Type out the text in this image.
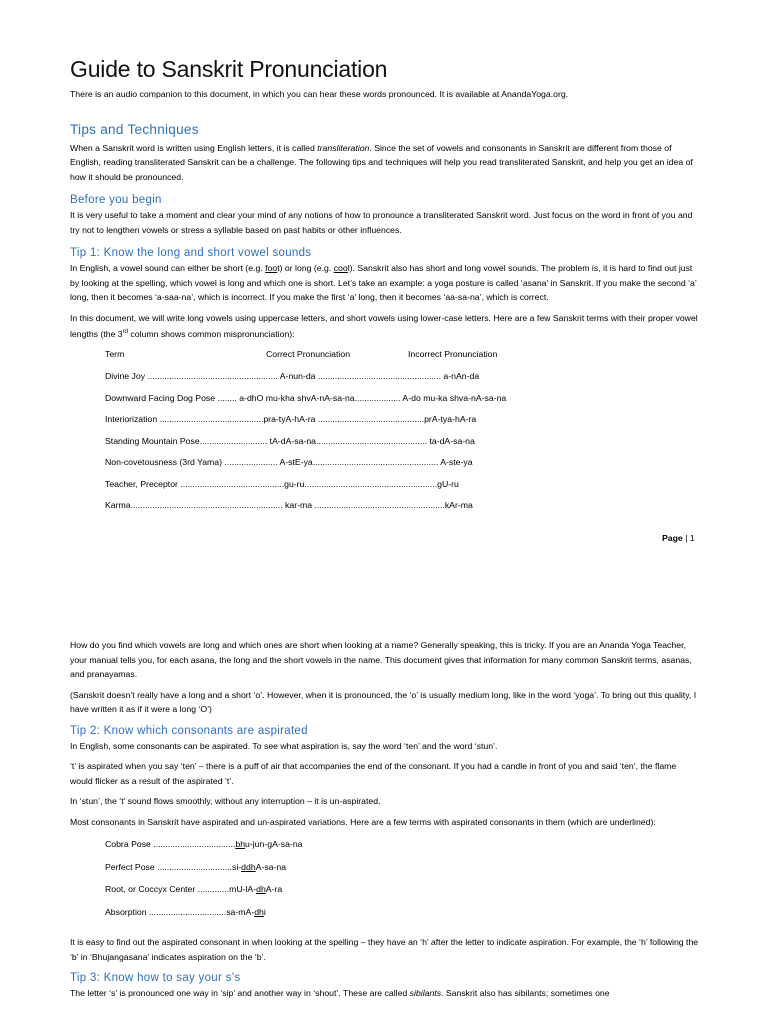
Guide to Sanskrit Pronunciation

There is an audio companion to this document, in which you can hear these words pronounced. It is available at AnandaYoga.org.

Tips and Techniques

When a Sanskrit word is written using English letters, it is called transliteration. Since the set of vowels and consonants in Sanskrit are different from those of English, reading transliterated Sanskrit can be a challenge. The following tips and techniques will help you read transliterated Sanskrit, and help you get an idea of how it should be pronounced.

Before you begin

It is very useful to take a moment and clear your mind of any notions of how to pronounce a transliterated Sanskrit word. Just focus on the word in front of you and try not to lengthen vowels or stress a syllable based on past habits or other influences.

Tip 1: Know the long and short vowel sounds

In English, a vowel sound can either be short (e.g. foot) or long (e.g. cool). Sanskrit also has short and long vowel sounds. The problem is, it is hard to find out just by looking at the spelling, which vowel is long and which one is short. Let’s take an example: a yoga posture is called ‘asana’ in Sanskrit. If you make the second ‘a’ long, then it becomes ‘a-saa-na’, which is incorrect. If you make the first ‘a’ long, then it becomes ‘aa-sa-na’, which is correct.

In this document, we will write long vowels using uppercase letters, and short vowels using lower-case letters. Here are a few Sanskrit terms with their proper vowel lengths (the 3rd column shows common mispronunciation):

Term	Correct Pronunciation	Incorrect Pronunciation
Divine Joy ...................................................... A-nun-da ................................................... a-nAn-da
Downward Facing Dog Pose ........ a-dhO mu-kha shvA-nA-sa-na................... A-do mu-ka shva-nA-sa-na
Interiorization ...........................................pra-tyA-hA-ra ............................................prA-tya-hA-ra
Standing Mountain Pose............................ tA-dA-sa-na.............................................. ta-dA-sa-na
Non-covetousness (3rd Yama) ...................... A-stE-ya.................................................... A-ste-ya
Teacher, Preceptor ...........................................gu-ru.......................................................gU-ru
Karma............................................................... kar-ma ......................................................kAr-ma
Page | 1

How do you find which vowels are long and which ones are short when looking at a name? Generally speaking, this is tricky. If you are an Ananda Yoga Teacher, your manual tells you, for each asana, the long and the short vowels in the name. This document gives that information for many common Sanskrit terms, asanas, and pranayamas.

(Sanskrit doesn’t really have a long and a short ‘o’. However, when it is pronounced, the ‘o’ is usually medium long, like in the word ‘yoga’. To bring out this quality, I have written it as if it were a long ‘O’)

Tip 2: Know which consonants are aspirated

In English, some consonants can be aspirated. To see what aspiration is, say the word ‘ten’ and the word ‘stun’.

‘t’ is aspirated when you say ‘ten’ – there is a puff of air that accompanies the end of the consonant. If you had a candle in front of you and said ‘ten’, the flame would flicker as a result of the aspirated ‘t’.

In ‘stun’, the ‘t’ sound flows smoothly, without any interruption – it is un-aspirated.

Most consonants in Sanskrit have aspirated and un-aspirated variations. Here are a few terms with aspirated consonants in them (which are underlined):

Cobra Pose ..................................bhu-jun-gA-sa-na
Perfect Pose ...............................si-ddhA-sa-na
Root, or Coccyx Center .............mU-lA-dhA-ra
Absorption ................................sa-mA-dhi

It is easy to find out the aspirated consonant in when looking at the spelling – they have an ‘h’ after the letter to indicate aspiration. For example, the ‘h’ following the ‘b’ in ‘Bhujangasana’ indicates aspiration on the ‘b’.

Tip 3: Know how to say your s’s

The letter ‘s’ is pronounced one way in ‘sip’ and another way in ‘shout’. These are called sibilants. Sanskrit also has sibilants; sometimes one
